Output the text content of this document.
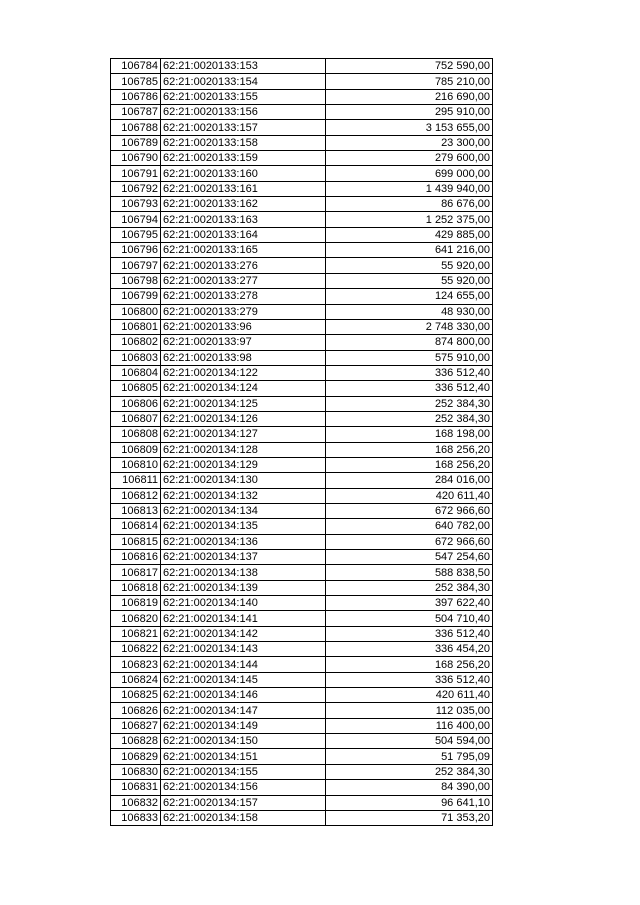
106784	62:21:0020133:153	752 590,00
106785	62:21:0020133:154	785 210,00
106786	62:21:0020133:155	216 690,00
106787	62:21:0020133:156	295 910,00
106788	62:21:0020133:157	3 153 655,00
106789	62:21:0020133:158	23 300,00
106790	62:21:0020133:159	279 600,00
106791	62:21:0020133:160	699 000,00
106792	62:21:0020133:161	1 439 940,00
106793	62:21:0020133:162	86 676,00
106794	62:21:0020133:163	1 252 375,00
106795	62:21:0020133:164	429 885,00
106796	62:21:0020133:165	641 216,00
106797	62:21:0020133:276	55 920,00
106798	62:21:0020133:277	55 920,00
106799	62:21:0020133:278	124 655,00
106800	62:21:0020133:279	48 930,00
106801	62:21:0020133:96	2 748 330,00
106802	62:21:0020133:97	874 800,00
106803	62:21:0020133:98	575 910,00
106804	62:21:0020134:122	336 512,40
106805	62:21:0020134:124	336 512,40
106806	62:21:0020134:125	252 384,30
106807	62:21:0020134:126	252 384,30
106808	62:21:0020134:127	168 198,00
106809	62:21:0020134:128	168 256,20
106810	62:21:0020134:129	168 256,20
106811	62:21:0020134:130	284 016,00
106812	62:21:0020134:132	420 611,40
106813	62:21:0020134:134	672 966,60
106814	62:21:0020134:135	640 782,00
106815	62:21:0020134:136	672 966,60
106816	62:21:0020134:137	547 254,60
106817	62:21:0020134:138	588 838,50
106818	62:21:0020134:139	252 384,30
106819	62:21:0020134:140	397 622,40
106820	62:21:0020134:141	504 710,40
106821	62:21:0020134:142	336 512,40
106822	62:21:0020134:143	336 454,20
106823	62:21:0020134:144	168 256,20
106824	62:21:0020134:145	336 512,40
106825	62:21:0020134:146	420 611,40
106826	62:21:0020134:147	112 035,00
106827	62:21:0020134:149	116 400,00
106828	62:21:0020134:150	504 594,00
106829	62:21:0020134:151	51 795,09
106830	62:21:0020134:155	252 384,30
106831	62:21:0020134:156	84 390,00
106832	62:21:0020134:157	96 641,10
106833	62:21:0020134:158	71 353,20
